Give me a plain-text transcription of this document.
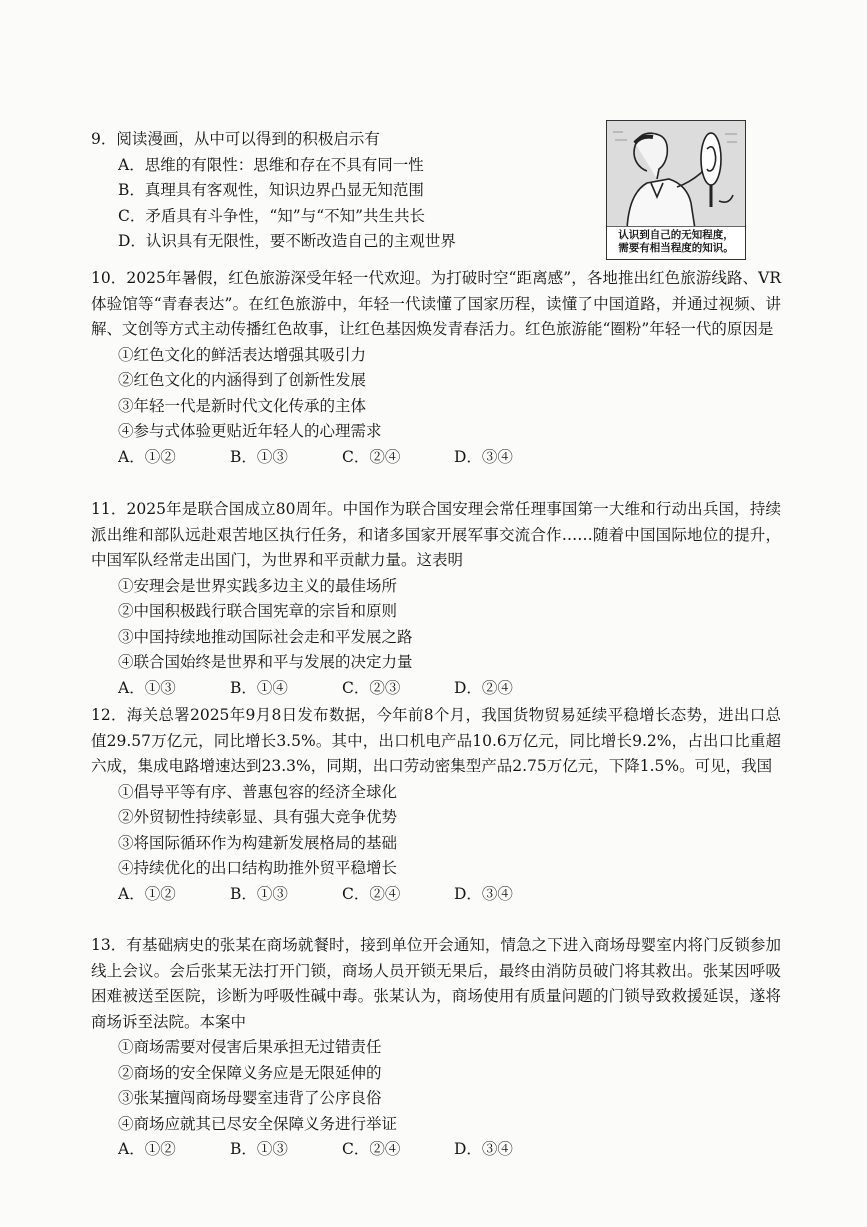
9．阅读漫画，从中可以得到的积极启示有

A．思维的有限性：思维和存在不具有同一性
B．真理具有客观性，知识边界凸显无知范围
C．矛盾具有斗争性，“知”与“不知”共生共长
D．认识具有无限性，要不断改造自己的主观世界	认识到自己的无知程度，
需要有相当程度的知识。

10．2025年暑假，红色旅游深受年轻一代欢迎。为打破时空“距离感”，各地推出红色旅游线路、VR体验馆等“青春表达”。在红色旅游中，年轻一代读懂了国家历程，读懂了中国道路，并通过视频、讲解、文创等方式主动传播红色故事，让红色基因焕发青春活力。红色旅游能“圈粉”年轻一代的原因是

①红色文化的鲜活表达增强其吸引力
②红色文化的内涵得到了创新性发展
③年轻一代是新时代文化传承的主体
④参与式体验更贴近年轻人的心理需求
A．①②	B．①③	C．②④	D．③④

11．2025年是联合国成立80周年。中国作为联合国安理会常任理事国第一大维和行动出兵国，持续派出维和部队远赴艰苦地区执行任务，和诸多国家开展军事交流合作……随着中国国际地位的提升，中国军队经常走出国门，为世界和平贡献力量。这表明

①安理会是世界实践多边主义的最佳场所
②中国积极践行联合国宪章的宗旨和原则
③中国持续地推动国际社会走和平发展之路
④联合国始终是世界和平与发展的决定力量
A．①③	B．①④	C．②③	D．②④

12．海关总署2025年9月8日发布数据，今年前8个月，我国货物贸易延续平稳增长态势，进出口总值29.57万亿元，同比增长3.5%。其中，出口机电产品10.6万亿元，同比增长9.2%，占出口比重超六成，集成电路增速达到23.3%，同期，出口劳动密集型产品2.75万亿元，下降1.5%。可见，我国

①倡导平等有序、普惠包容的经济全球化
②外贸韧性持续彰显、具有强大竞争优势
③将国际循环作为构建新发展格局的基础
④持续优化的出口结构助推外贸平稳增长
A．①②	B．①③	C．②④	D．③④

13．有基础病史的张某在商场就餐时，接到单位开会通知，情急之下进入商场母婴室内将门反锁参加线上会议。会后张某无法打开门锁，商场人员开锁无果后，最终由消防员破门将其救出。张某因呼吸困难被送至医院，诊断为呼吸性碱中毒。张某认为，商场使用有质量问题的门锁导致救援延误，遂将商场诉至法院。本案中

①商场需要对侵害后果承担无过错责任
②商场的安全保障义务应是无限延伸的
③张某擅闯商场母婴室违背了公序良俗
④商场应就其已尽安全保障义务进行举证
A．①②	B．①③	C．②④	D．③④
